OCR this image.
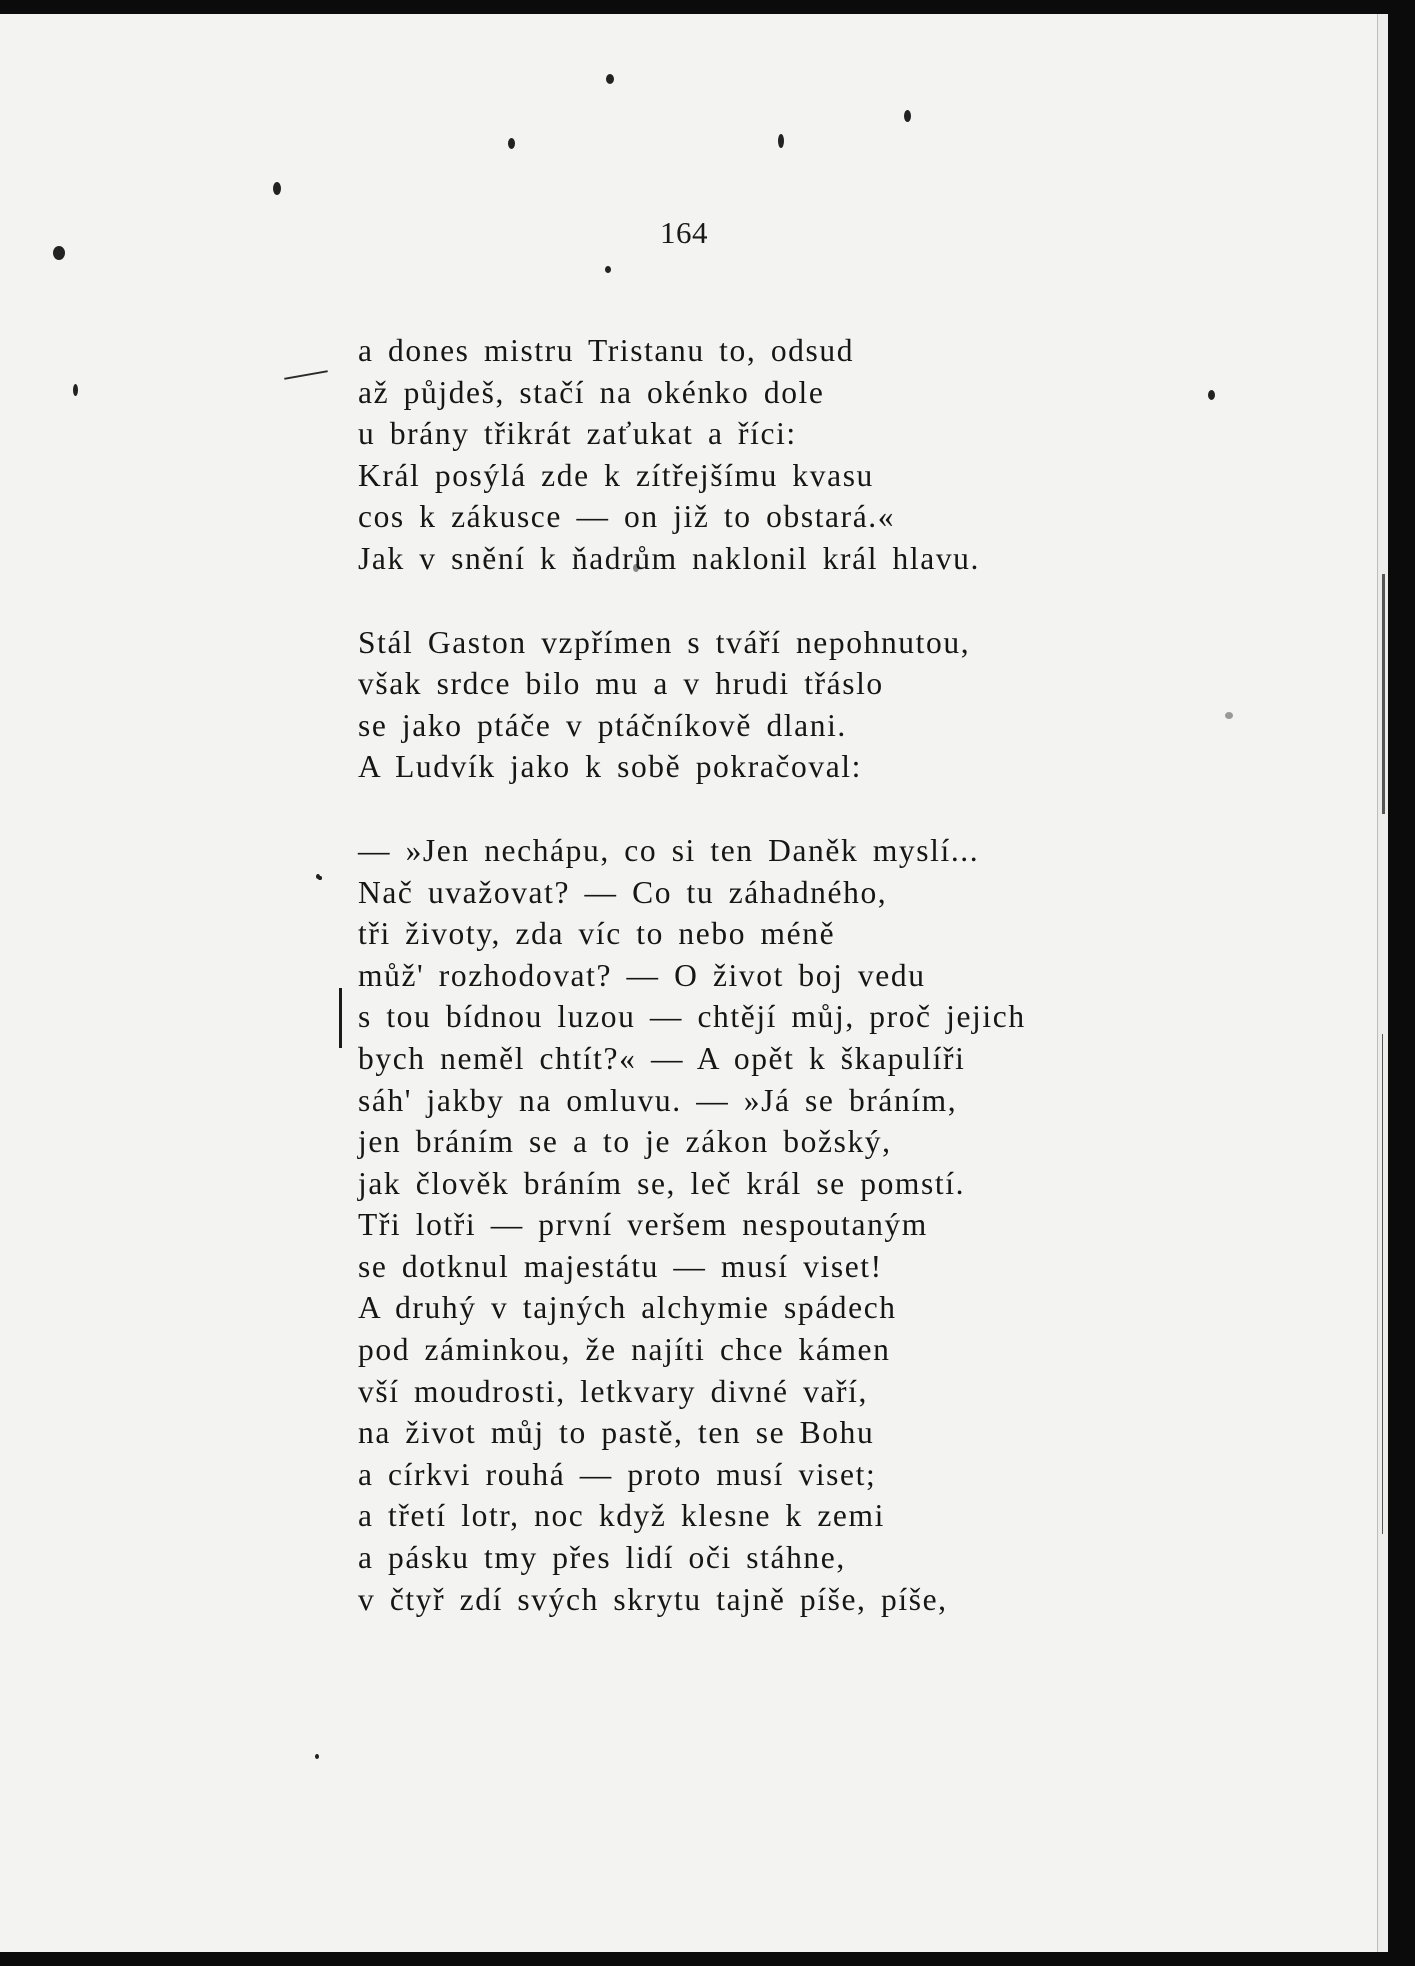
164
a dones mistru Tristanu to, odsud
až půjdeš, stačí na okénko dole
u brány třikrát zaťukat a říci:
Král posýlá zde k zítřejšímu kvasu
cos k zákusce — on již to obstará.«
Jak v snění k ňadrům naklonil král hlavu.
Stál Gaston vzpřímen s tváří nepohnutou,
však srdce bilo mu a v hrudi třáslo
se jako ptáče v ptáčníkově dlani.
A Ludvík jako k sobě pokračoval:
— »Jen nechápu, co si ten Daněk myslí...
Nač uvažovat? — Co tu záhadného,
tři životy, zda víc to nebo méně
můž' rozhodovat? — O život boj vedu
s tou bídnou luzou — chtějí můj, proč jejich
bych neměl chtít?« — A opět k škapulíři
sáh' jakby na omluvu. — »Já se bráním,
jen bráním se a to je zákon božský,
jak člověk bráním se, leč král se pomstí.
Tři lotři — první veršem nespoutaným
se dotknul majestátu — musí viset!
A druhý v tajných alchymie spádech
pod záminkou, že najíti chce kámen
vší moudrosti, letkvary divné vaří,
na život můj to pastě, ten se Bohu
a církvi rouhá — proto musí viset;
a třetí lotr, noc když klesne k zemi
a pásku tmy přes lidí oči stáhne,
v čtyř zdí svých skrytu tajně píše, píše,
